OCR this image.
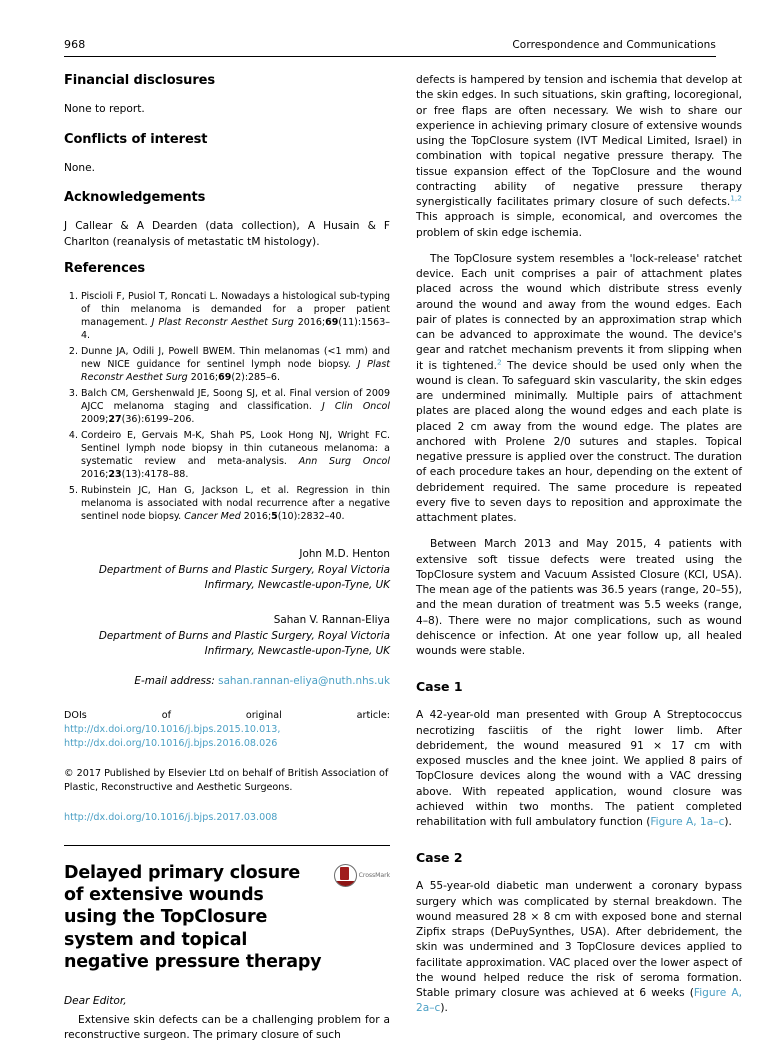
968	Correspondence and Communications
Financial disclosures

None to report.

Conflicts of interest

None.

Acknowledgements

J Callear & A Dearden (data collection), A Husain & F Charlton (reanalysis of metastatic tM histology).

References
1. Piscioli F, Pusiol T, Roncati L. Nowadays a histological sub-typing of thin melanoma is demanded for a proper patient management. J Plast Reconstr Aesthet Surg 2016;69(11):1563–4.
2. Dunne JA, Odili J, Powell BWEM. Thin melanomas (<1 mm) and new NICE guidance for sentinel lymph node biopsy. J Plast Reconstr Aesthet Surg 2016;69(2):285–6.
3. Balch CM, Gershenwald JE, Soong SJ, et al. Final version of 2009 AJCC melanoma staging and classification. J Clin Oncol 2009;27(36):6199–206.
4. Cordeiro E, Gervais M-K, Shah PS, Look Hong NJ, Wright FC. Sentinel lymph node biopsy in thin cutaneous melanoma: a systematic review and meta-analysis. Ann Surg Oncol 2016;23(13):4178–88.
5. Rubinstein JC, Han G, Jackson L, et al. Regression in thin melanoma is associated with nodal recurrence after a negative sentinel node biopsy. Cancer Med 2016;5(10):2832–40.
John M.D. Henton
Department of Burns and Plastic Surgery, Royal Victoria Infirmary, Newcastle-upon-Tyne, UK
Sahan V. Rannan-Eliya
Department of Burns and Plastic Surgery, Royal Victoria Infirmary, Newcastle-upon-Tyne, UK
E-mail address: sahan.rannan-eliya@nuth.nhs.uk
DOIs of original article: http://dx.doi.org/10.1016/j.bjps.2015.10.013, http://dx.doi.org/10.1016/j.bjps.2016.08.026
© 2017 Published by Elsevier Ltd on behalf of British Association of Plastic, Reconstructive and Aesthetic Surgeons.
http://dx.doi.org/10.1016/j.bjps.2017.03.008
Delayed primary closure of extensive wounds using the TopClosure system and topical negative pressure therapy
CrossMark

Dear Editor,

Extensive skin defects can be a challenging problem for a reconstructive surgeon. The primary closure of such

defects is hampered by tension and ischemia that develop at the skin edges. In such situations, skin grafting, locoregional, or free flaps are often necessary. We wish to share our experience in achieving primary closure of extensive wounds using the TopClosure system (IVT Medical Limited, Israel) in combination with topical negative pressure therapy. The tissue expansion effect of the TopClosure and the wound contracting ability of negative pressure therapy synergistically facilitates primary closure of such defects.$^{1,2}$ This approach is simple, economical, and overcomes the problem of skin edge ischemia.

The TopClosure system resembles a 'lock-release' ratchet device. Each unit comprises a pair of attachment plates placed across the wound which distribute stress evenly around the wound and away from the wound edges. Each pair of plates is connected by an approximation strap which can be advanced to approximate the wound. The device's gear and ratchet mechanism prevents it from slipping when it is tightened.$^2$ The device should be used only when the wound is clean. To safeguard skin vascularity, the skin edges are undermined minimally. Multiple pairs of attachment plates are placed along the wound edges and each plate is placed 2 cm away from the wound edge. The plates are anchored with Prolene 2/0 sutures and staples. Topical negative pressure is applied over the construct. The duration of each procedure takes an hour, depending on the extent of debridement required. The same procedure is repeated every five to seven days to reposition and approximate the attachment plates.

Between March 2013 and May 2015, 4 patients with extensive soft tissue defects were treated using the TopClosure system and Vacuum Assisted Closure (KCI, USA). The mean age of the patients was 36.5 years (range, 20–55), and the mean duration of treatment was 5.5 weeks (range, 4–8). There were no major complications, such as wound dehiscence or infection. At one year follow up, all healed wounds were stable.

Case 1

A 42-year-old man presented with Group A Streptococcus necrotizing fasciitis of the right lower limb. After debridement, the wound measured 91 × 17 cm with exposed muscles and the knee joint. We applied 8 pairs of TopClosure devices along the wound with a VAC dressing above. With repeated application, wound closure was achieved within two months. The patient completed rehabilitation with full ambulatory function (Figure A, 1a–c).

Case 2

A 55-year-old diabetic man underwent a coronary bypass surgery which was complicated by sternal breakdown. The wound measured 28 × 8 cm with exposed bone and sternal Zipfix straps (DePuySynthes, USA). After debridement, the skin was undermined and 3 TopClosure devices applied to facilitate approximation. VAC placed over the lower aspect of the wound helped reduce the risk of seroma formation. Stable primary closure was achieved at 6 weeks (Figure A, 2a–c).
